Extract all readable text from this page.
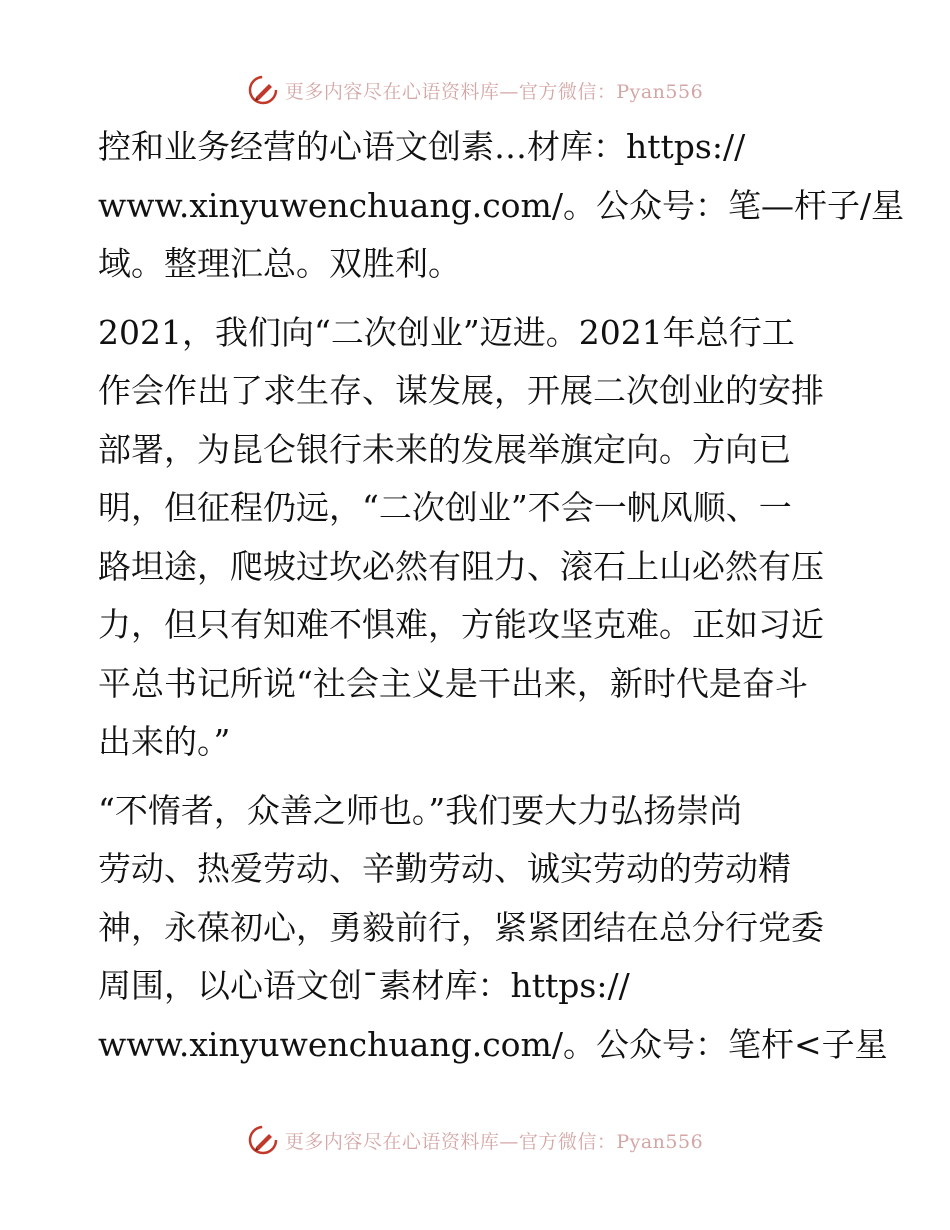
更多内容尽在心语资料库—官方微信：Pyan556
控和业务经营的心语文创素…材库：https://
www.xinyuwenchuang.com/。公众号：笔—杆子/星
域。整理汇总。双胜利。
2021，我们向“二次创业”迈进。2021年总行工
作会作出了求生存、谋发展，开展二次创业的安排
部署，为昆仑银行未来的发展举旗定向。方向已
明，但征程仍远，“二次创业”不会一帆风顺、一
路坦途，爬坡过坎必然有阻力、滚石上山必然有压
力，但只有知难不惧难，方能攻坚克难。正如习近
平总书记所说“社会主义是干出来，新时代是奋斗
出来的。”
“不惰者，众善之师也。”我们要大力弘扬崇尚
劳动、热爱劳动、辛勤劳动、诚实劳动的劳动精
神，永葆初心，勇毅前行，紧紧团结在总分行党委
周围，以心语文创¯素材库：https://
www.xinyuwenchuang.com/。公众号：笔杆<子星
更多内容尽在心语资料库—官方微信：Pyan556
